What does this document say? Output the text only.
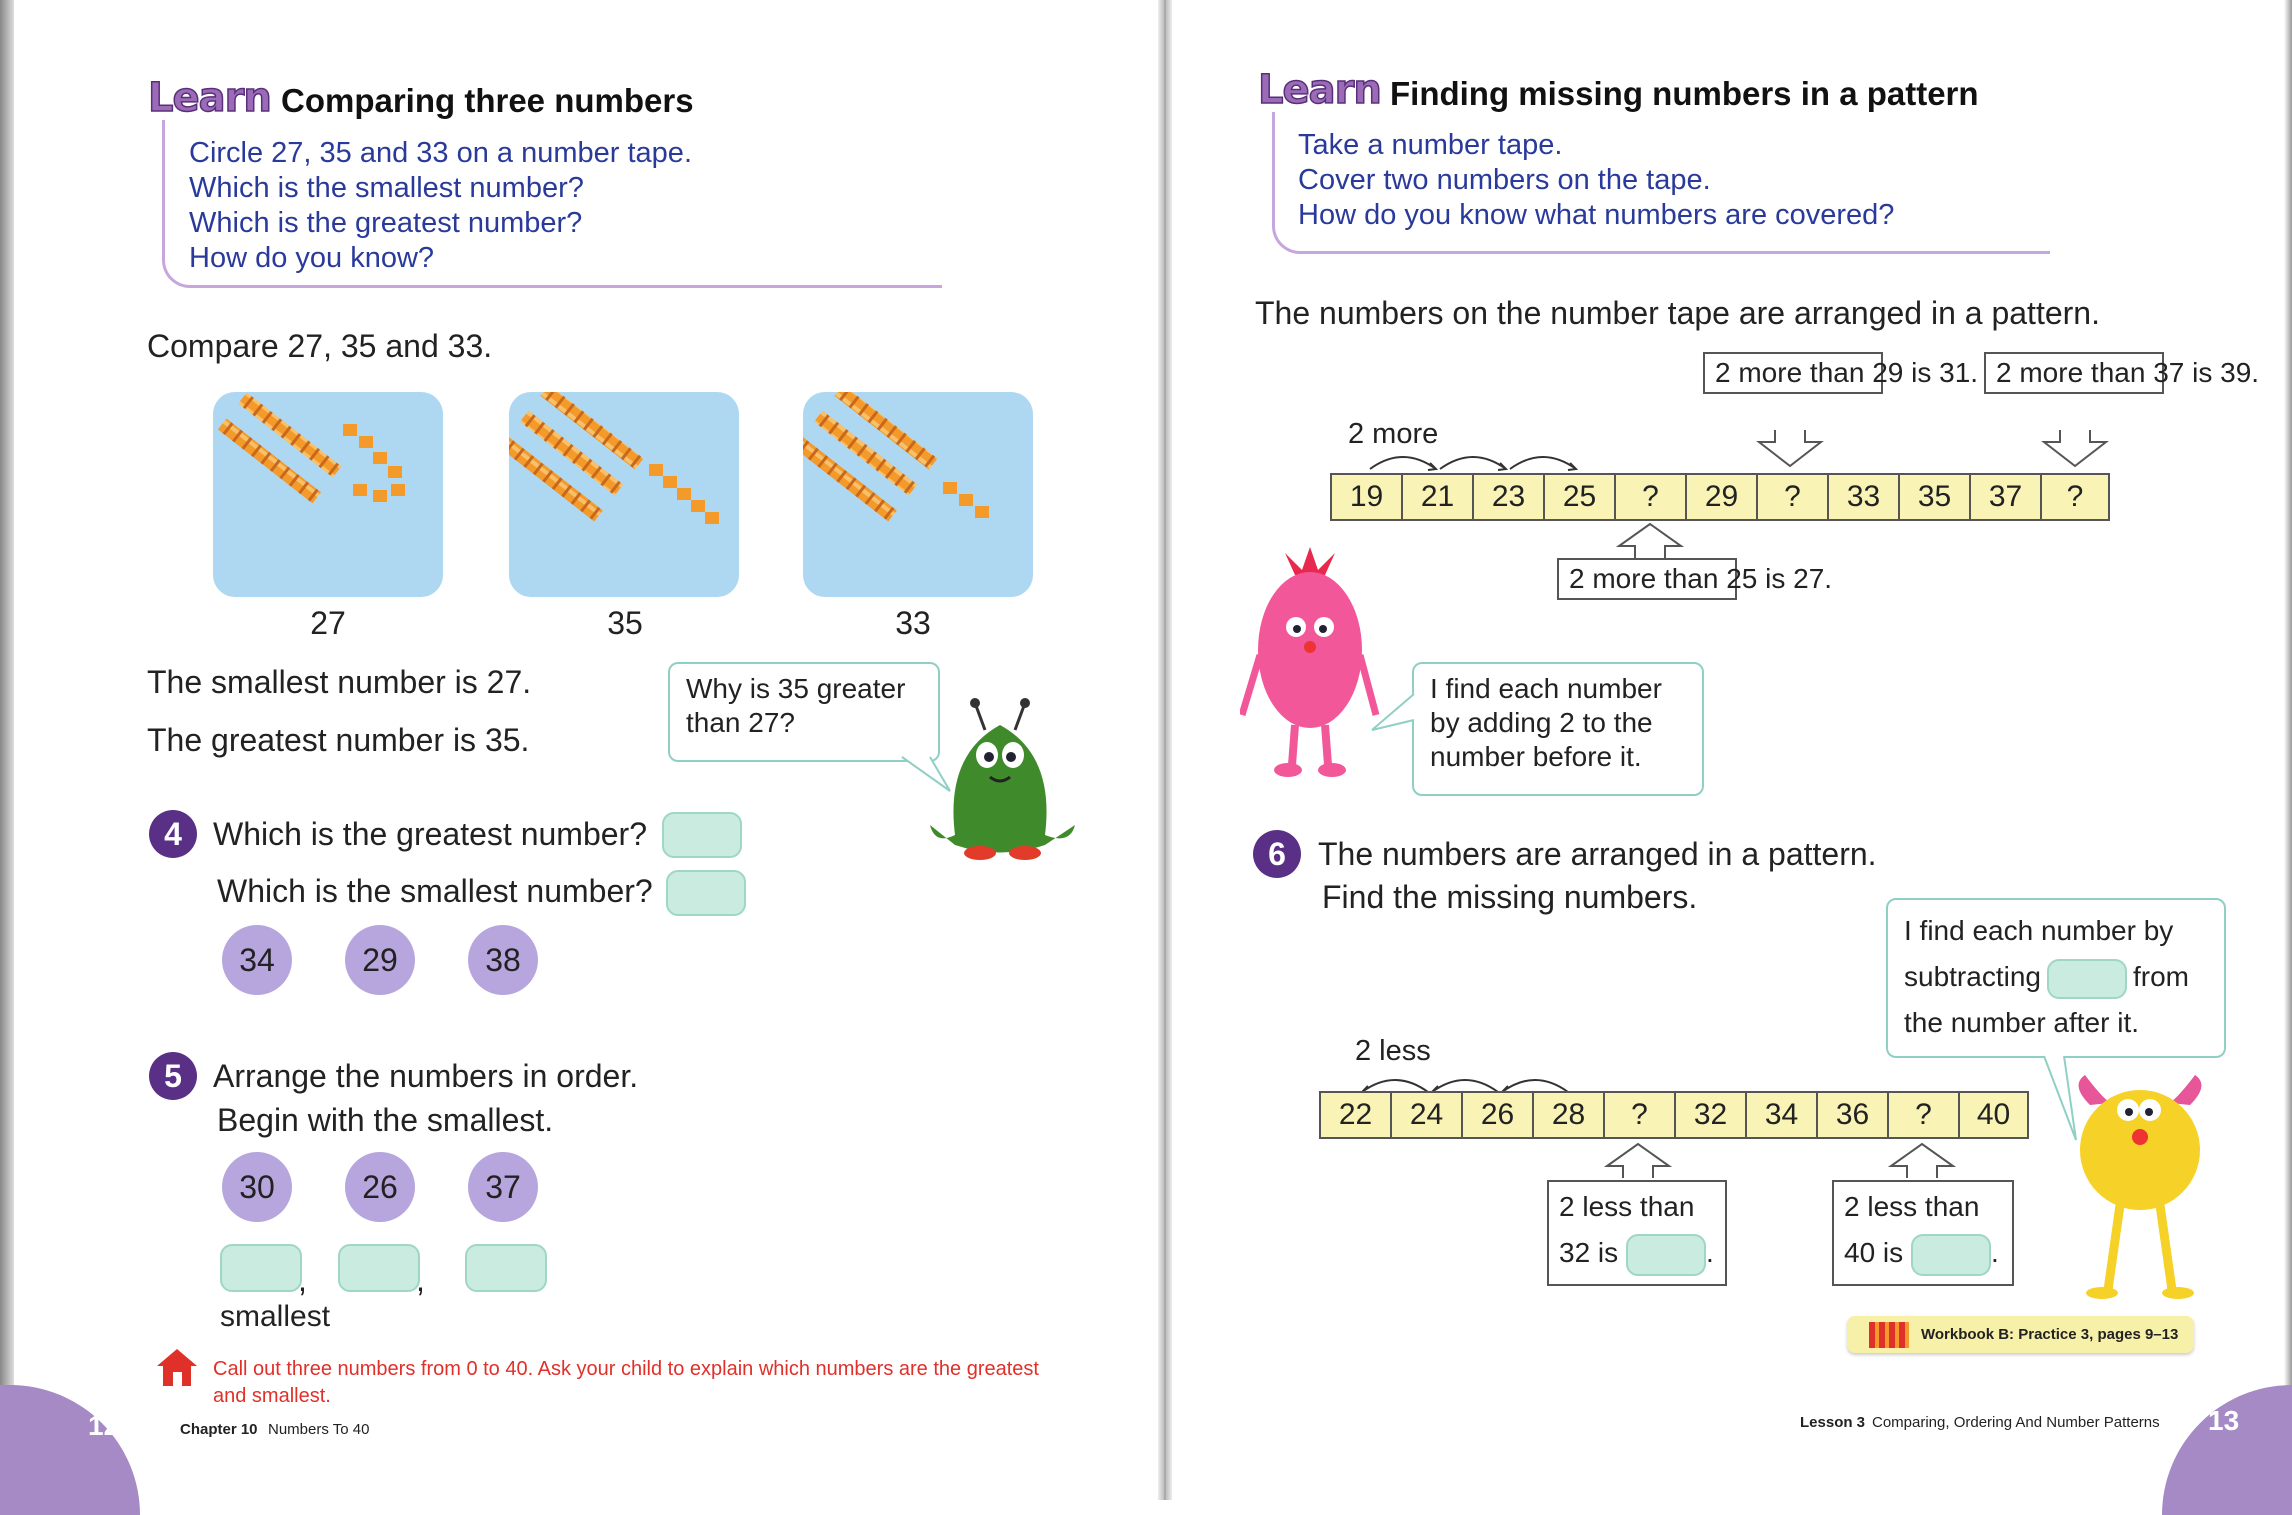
Learn Comparing three numbers
Circle 27, 35 and 33 on a number tape.
Which is the smallest number?
Which is the greatest number?
How do you know?
Compare 27, 35 and 33.
27	35	33
The smallest number is 27.
The greatest number is 35.
Why is 35 greater than 27?
4 Which is the greatest number?
Which is the smallest number?
34	29	38
5 Arrange the numbers in order.
Begin with the smallest.
30	26	37
,	,
smallest
Call out three numbers from 0 to 40. Ask your child to explain which numbers are the greatest and smallest.
12	Chapter 10 Numbers To 40
Learn Finding missing numbers in a pattern
Take a number tape.
Cover two numbers on the tape.
How do you know what numbers are covered?
The numbers on the number tape are arranged in a pattern.
2 more than 29 is 31. 2 more than 37 is 39.
2 more
19	21	23	25	?	29	?	33	35	37	?
2 more than 25 is 27.
I find each number by adding 2 to the number before it.
6	The numbers are arranged in a pattern.
Find the missing numbers.
I find each number by
subtracting	from
the number after it.
2 less
22	24	26	28	?	32	34	36	?	40
2 less than
32 is	.
2 less than
40 is	.
Workbook B: Practice 3, pages 9–13
Lesson 3 Comparing, Ordering And Number Patterns 13
